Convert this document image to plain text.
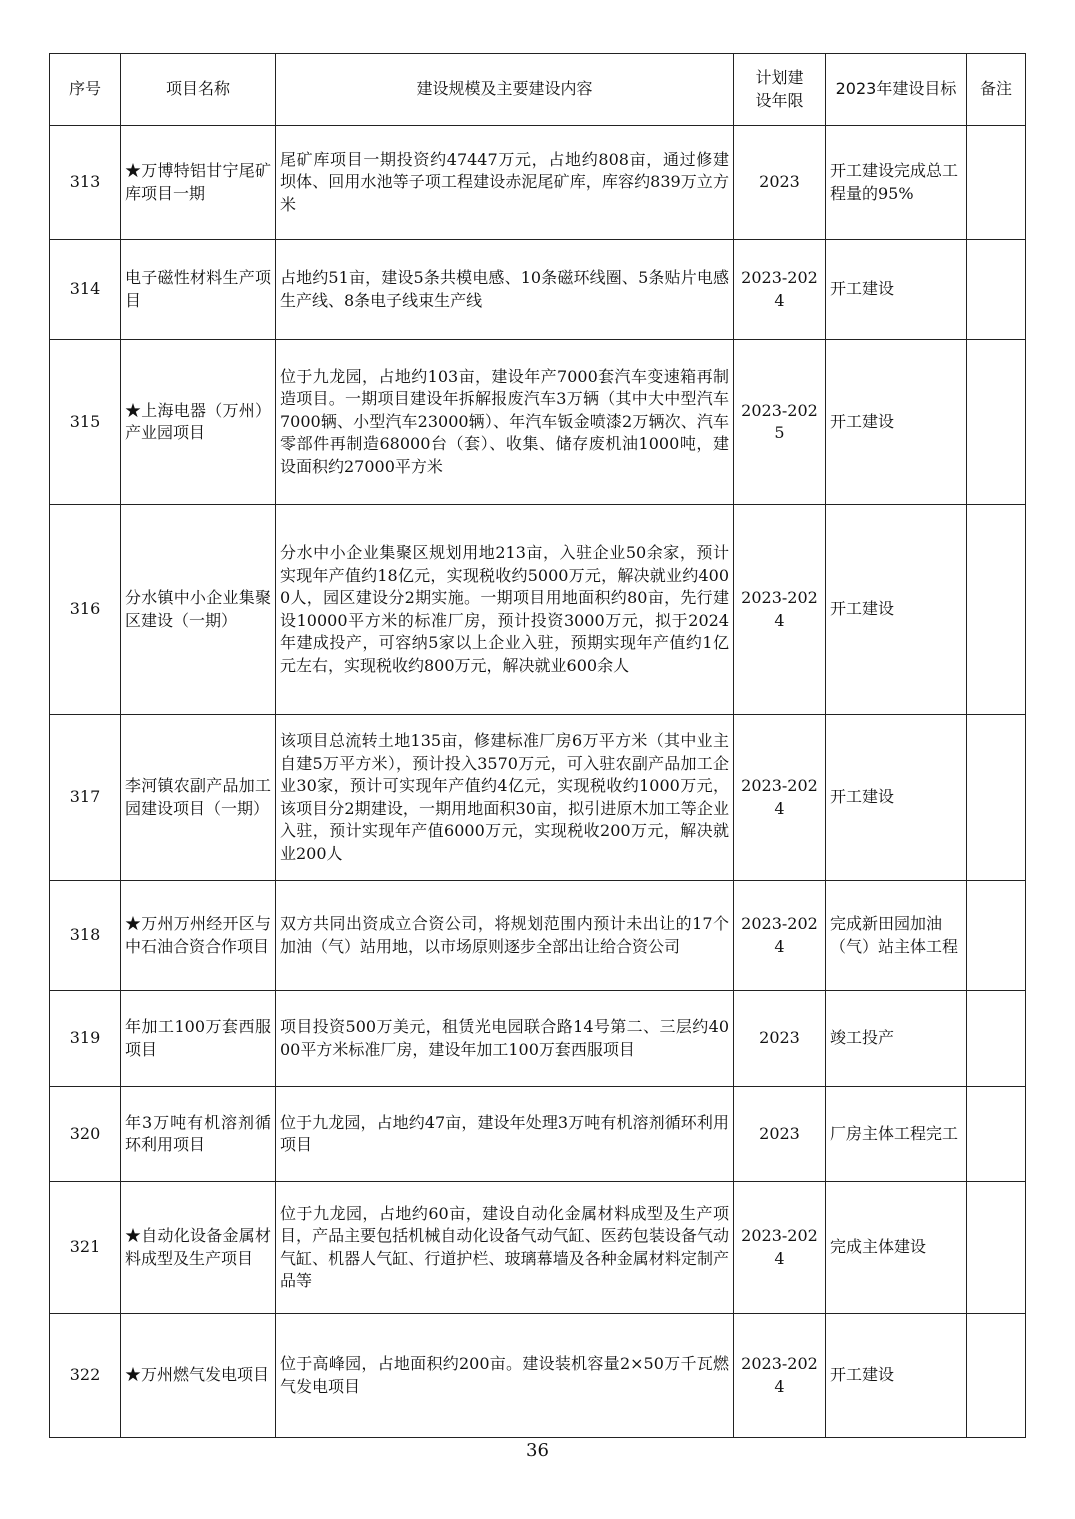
序号	项目名称	建设规模及主要建设内容	计划建设年限	2023年建设目标	备注
313	★万博特铝甘宁尾矿库项目一期	尾矿库项目一期投资约47447万元，占地约808亩，通过修建坝体、回用水池等子项工程建设赤泥尾矿库，库容约839万立方米	2023	开工建设完成总工程量的95%	
314	电子磁性材料生产项目	占地约51亩，建设5条共模电感、10条磁环线圈、5条贴片电感生产线、8条电子线束生产线	2023-2024	开工建设	
315	★上海电器（万州）产业园项目	位于九龙园，占地约103亩，建设年产7000套汽车变速箱再制造项目。一期项目建设年拆解报废汽车3万辆（其中大中型汽车7000辆、小型汽车23000辆）、年汽车钣金喷漆2万辆次、汽车零部件再制造68000台（套）、收集、储存废机油1000吨，建设面积约27000平方米	2023-2025	开工建设	
316	分水镇中小企业集聚区建设（一期）	分水中小企业集聚区规划用地213亩，入驻企业50余家，预计实现年产值约18亿元，实现税收约5000万元，解决就业约4000人，园区建设分2期实施。一期项目用地面积约80亩，先行建设10000平方米的标准厂房，预计投资3000万元，拟于2024年建成投产，可容纳5家以上企业入驻，预期实现年产值约1亿元左右，实现税收约800万元，解决就业600余人	2023-2024	开工建设	
317	李河镇农副产品加工园建设项目（一期）	该项目总流转土地135亩，修建标准厂房6万平方米（其中业主自建5万平方米），预计投入3570万元，可入驻农副产品加工企业30家，预计可实现年产值约4亿元，实现税收约1000万元，该项目分2期建设，一期用地面积30亩，拟引进原木加工等企业入驻，预计实现年产值6000万元，实现税收200万元，解决就业200人	2023-2024	开工建设	
318	★万州万州经开区与中石油合资合作项目	双方共同出资成立合资公司，将规划范围内预计未出让的17个加油（气）站用地，以市场原则逐步全部出让给合资公司	2023-2024	完成新田园加油（气）站主体工程	
319	年加工100万套西服项目	项目投资500万美元，租赁光电园联合路14号第二、三层约4000平方米标准厂房，建设年加工100万套西服项目	2023	竣工投产	
320	年3万吨有机溶剂循环利用项目	位于九龙园，占地约47亩，建设年处理3万吨有机溶剂循环利用项目	2023	厂房主体工程完工	
321	★自动化设备金属材料成型及生产项目	位于九龙园，占地约60亩，建设自动化金属材料成型及生产项目，产品主要包括机械自动化设备气动气缸、医药包装设备气动气缸、机器人气缸、行道护栏、玻璃幕墙及各种金属材料定制产品等	2023-2024	完成主体建设	
322	★万州燃气发电项目	位于高峰园，占地面积约200亩。建设装机容量2×50万千瓦燃气发电项目	2023-2024	开工建设	
36
